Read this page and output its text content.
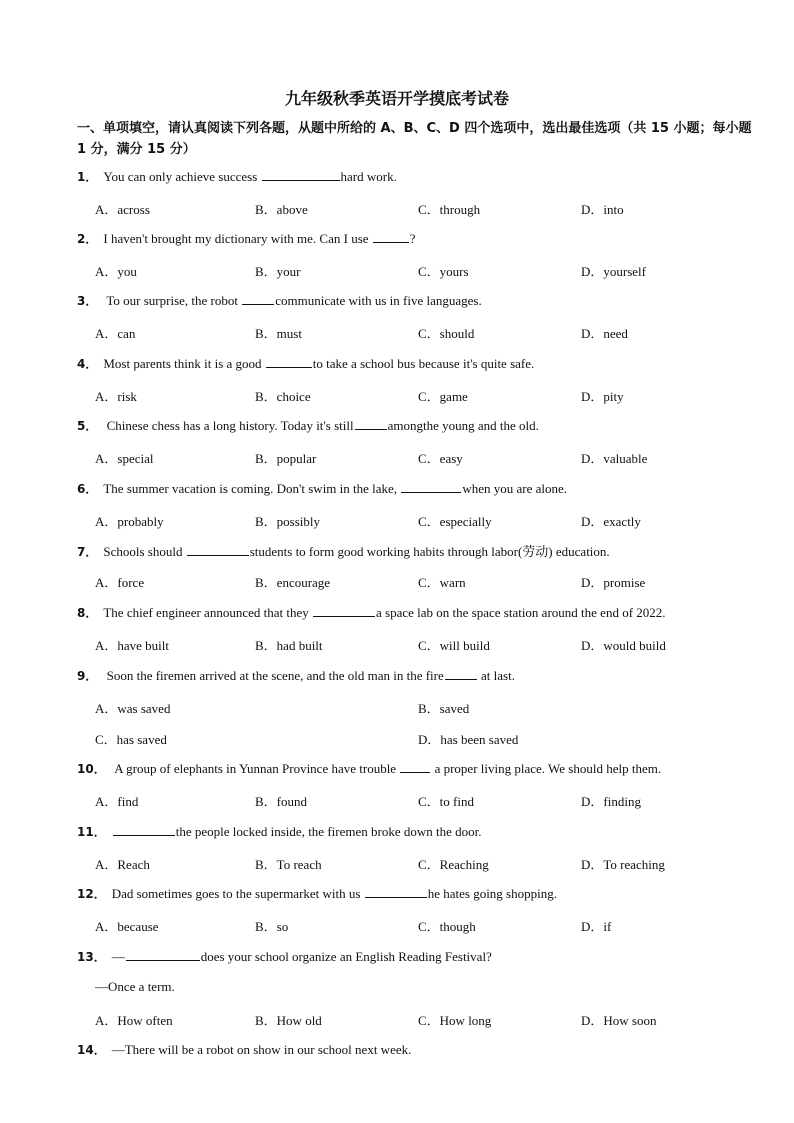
九年级秋季英语开学摸底考试卷
一、单项填空，请认真阅读下列各题，从题中所给的 A、B、C、D 四个选项中，选出最佳选项（共 15 小题；每小题 1 分，满分 15 分）
1． You can only achieve success	hard work.
A．across	B．above	C．through	D．into
2． I haven't brought my dictionary with me. Can I use	?
A．you	B．your	C．yours	D．yourself
3． To our surprise, the robot	communicate with us in five languages.
A．can	B．must	C．should	D．need
4． Most parents think it is a good	to take a school bus because it's quite safe.
A．risk	B．choice	C．game	D．pity
5． Chinese chess has a long history. Today it's still	amongthe young and the old.
A．special	B．popular	C．easy	D．valuable
6． The summer vacation is coming. Don't swim in the lake,	when you are alone.
A．probably	B．possibly	C．especially	D．exactly
7． Schools should	students to form good working habits through labor(劳动) education.
A．force	B．encourage	C．warn	D．promise
8． The chief engineer announced that they	a space lab on the space station around the end of 2022.
A．have built	B．had built	C．will build	D．would build
9． Soon the firemen arrived at the scene, and the old man in the fire	at last.
A．was saved	B．saved
C．has saved	D．has been saved
10． A group of elephants in Yunnan Province have trouble  a proper living place. We should help them.
A．find	B．found	C．to find	D．finding
11．	the people locked inside, the firemen broke down the door.
A．Reach	B．To reach	C．Reaching	D．To reaching
12． Dad sometimes goes to the supermarket with us	he hates going shopping.
A．because	B．so	C．though	D．if
13． —	does your school organize an English Reading Festival?
—Once a term.
A．How often	B．How old	C．How long	D．How soon
14． —There will be a robot on show in our school next week.
